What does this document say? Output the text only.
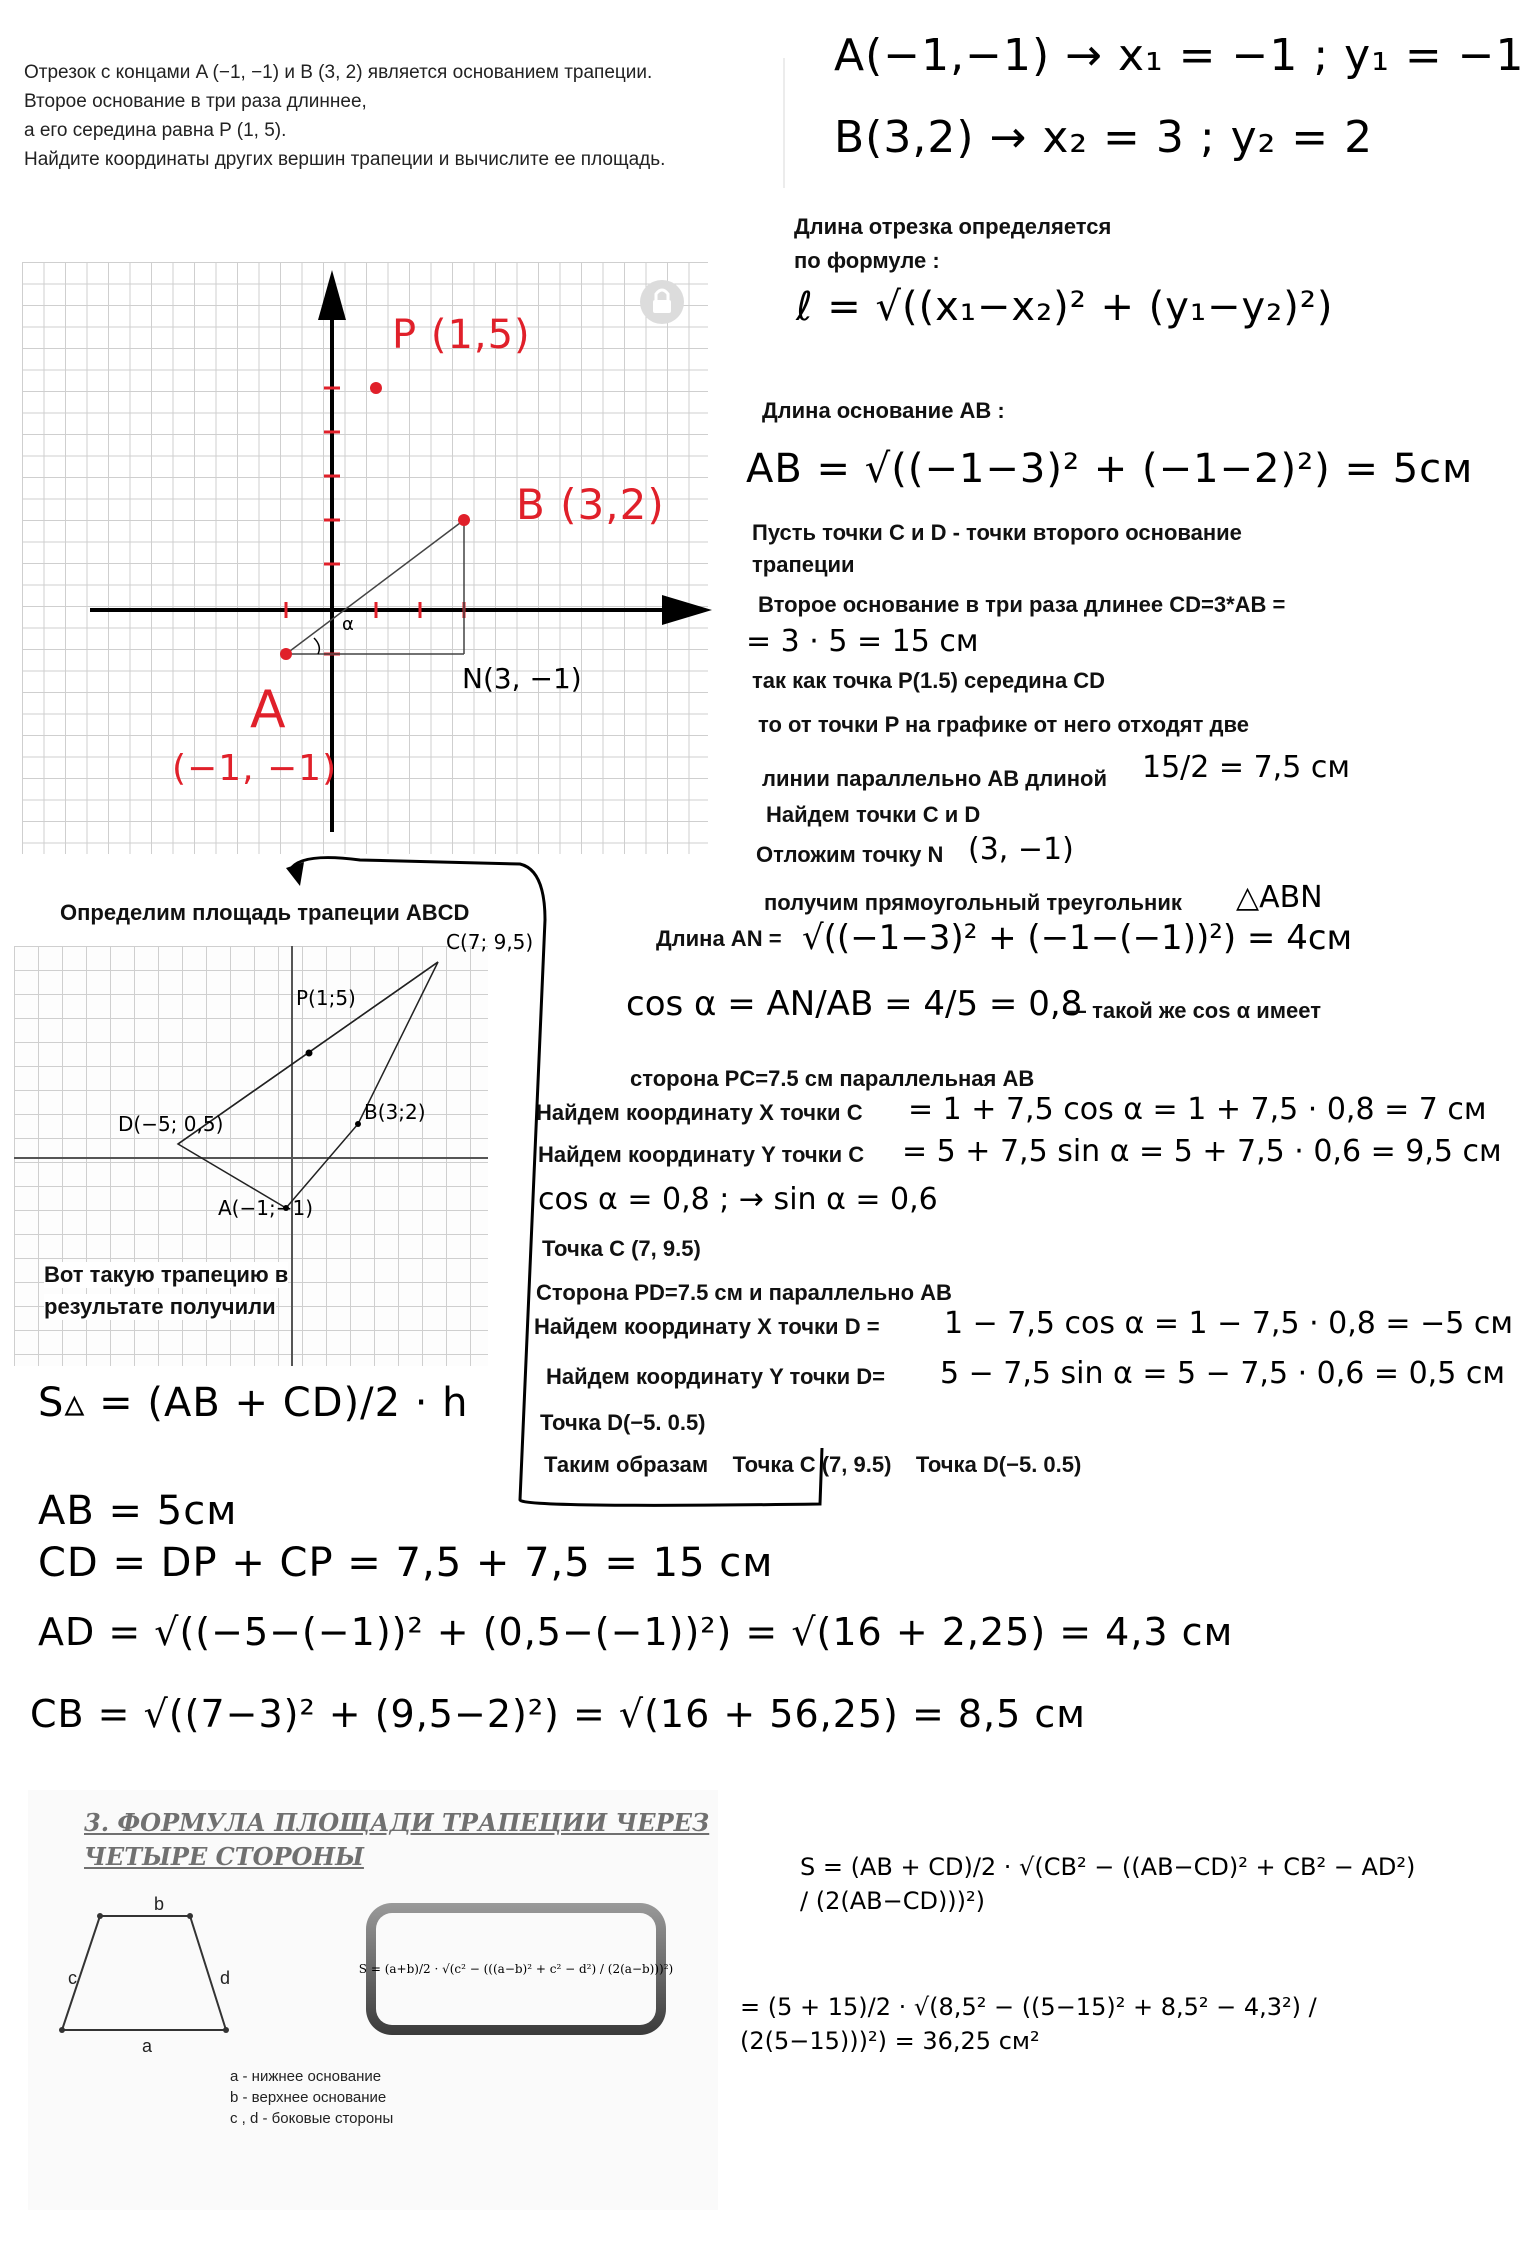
Отрезок с концами A (−1, −1) и B (3, 2) является основанием трапеции.
Второе основание в три раза длиннее,
а его середина равна P (1, 5).
Найдите координаты других вершин трапеции и вычислите ее площадь.
A(−1,−1) → x₁ = −1 ; y₁ = −1
B(3,2) → x₂ = 3 ; y₂ = 2
P (1,5)
B (3,2)
A
(−1, −1)
N(3, −1)
α
Длина отрезка определяется
по формуле :
ℓ = √((x₁−x₂)² + (y₁−y₂)²)
Длина основание AB :
AB = √((−1−3)² + (−1−2)²) = 5см
Пусть точки C и D - точки второго основание
трапеции
Второе основание в три раза длинее CD=3*AB =
= 3 · 5 = 15 см
так как точка P(1.5) середина CD
то от точки P на графике от него отходят две
линии параллельно AB длиной 15/2 = 7,5 см
Найдем точки C и D
Отложим точку N (3, −1)
получим прямоугольный треугольник △ABN
Длина AN = √((−1−3)² + (−1−(−1))²) = 4см
cos α = AN/AB = 4/5 = 0,8
— такой же cos α имеет
сторона PC=7.5 см параллельная AB
Найдем координату X точки C = 1 + 7,5 cos α = 1 + 7,5 · 0,8 = 7 см
Найдем координату Y точки C = 5 + 7,5 sin α = 5 + 7,5 · 0,6 = 9,5 см
cos α = 0,8 ; → sin α = 0,6
Точка C (7, 9.5)
Сторона PD=7.5 см и параллельно AB
Найдем координату X точки D = 1 − 7,5 cos α = 1 − 7,5 · 0,8 = −5 см
Найдем координату Y точки D= 5 − 7,5 sin α = 5 − 7,5 · 0,6 = 0,5 см
Точка D(−5. 0.5)
Таким образам    Точка C (7, 9.5)    Точка D(−5. 0.5)
Определим площадь трапеции ABCD
C(7; 9,5)
P(1;5)
D(−5; 0,5)	B(3;2)
A(−1;−1)
Вот такую трапецию в
результате получили
S▵ = (AB + CD)/2 · h
AB = 5см
CD = DP + CP = 7,5 + 7,5 = 15 см
AD = √((−5−(−1))² + (0,5−(−1))²) = √(16 + 2,25) = 4,3 см
CB = √((7−3)² + (9,5−2)²) = √(16 + 56,25) = 8,5 см
3. ФОРМУЛА ПЛОЩАДИ ТРАПЕЦИИ ЧЕРЕЗ
ЧЕТЫРЕ СТОРОНЫ
b
c	d
a
a - нижнее основание
b - верхнее основание
c , d - боковые стороны
S = (a+b)/2 · √(c² − (((a−b)² + c² − d²) / (2(a−b)))²)
S = (AB + CD)/2 · √(CB² − ((AB−CD)² + CB² − AD²) / (2(AB−CD)))²)
= (5 + 15)/2 · √(8,5² − ((5−15)² + 8,5² − 4,3²) / (2(5−15)))²) = 36,25 см²
